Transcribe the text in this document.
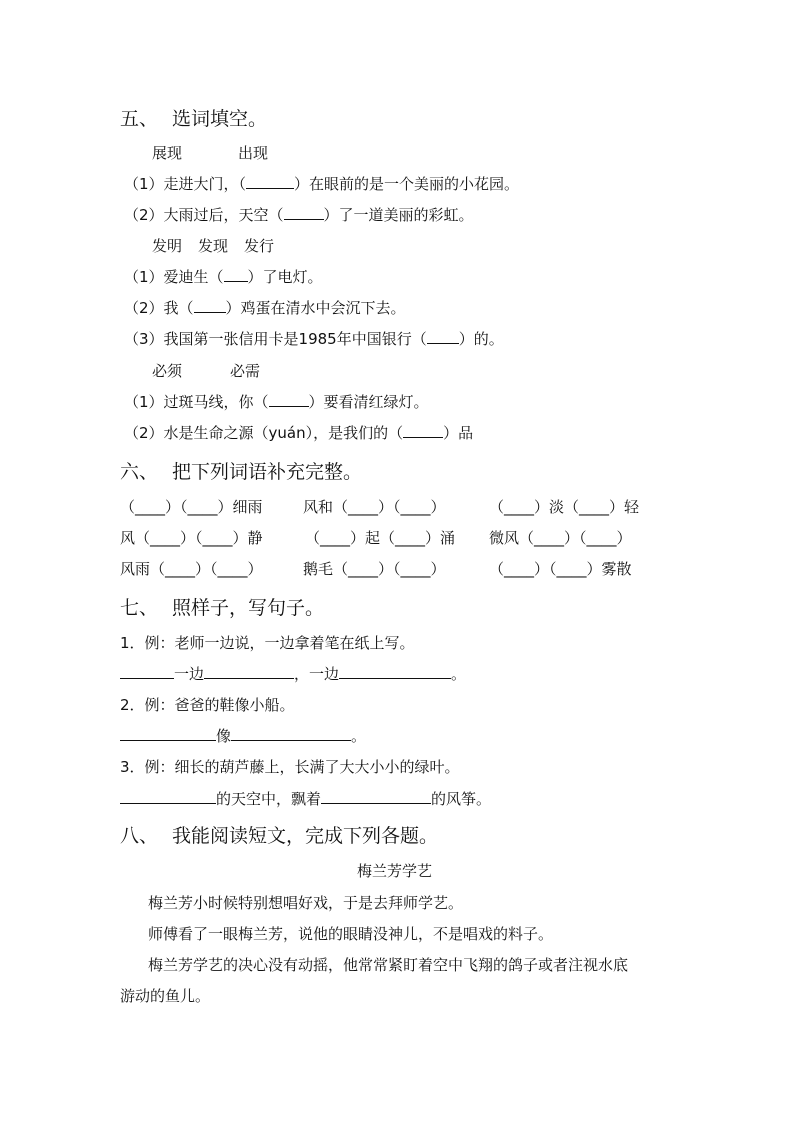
五、 选词填空。
展现	出现
（1）走进大门，（	）在眼前的是一个美丽的小花园。
（2）大雨过后，天空（	）了一道美丽的彩虹。
发明 发现 发行
（1）爱迪生（ ）了电灯。
（2）我（ ）鸡蛋在清水中会沉下去。
（3）我国第一张信用卡是1985年中国银行（ ）的。
必须	必需
（1）过斑马线，你（	）要看清红绿灯。
（2）水是生命之源（yuán），是我们的（	）品
六、 把下列词语补充完整。
（____）（____）细雨	风和（____）（____）	（____）淡（____）轻
风（____）（____）静	（____）起（____）涌 微风（____）（____）
风雨（____）（____）	鹅毛（____）（____）	（____）（____）雾散
七、 照样子，写句子。
1．例：老师一边说，一边拿着笔在纸上写。
一边	，一边	。
2．例：爸爸的鞋像小船。
像	。
3．例：细长的葫芦藤上，长满了大大小小的绿叶。
的天空中，飘着	的风筝。
八、 我能阅读短文，完成下列各题。
梅兰芳学艺
梅兰芳小时候特别想唱好戏，于是去拜师学艺。
师傅看了一眼梅兰芳，说他的眼睛没神儿，不是唱戏的料子。
梅兰芳学艺的决心没有动摇，他常常紧盯着空中飞翔的鸽子或者注视水底
游动的鱼儿。
